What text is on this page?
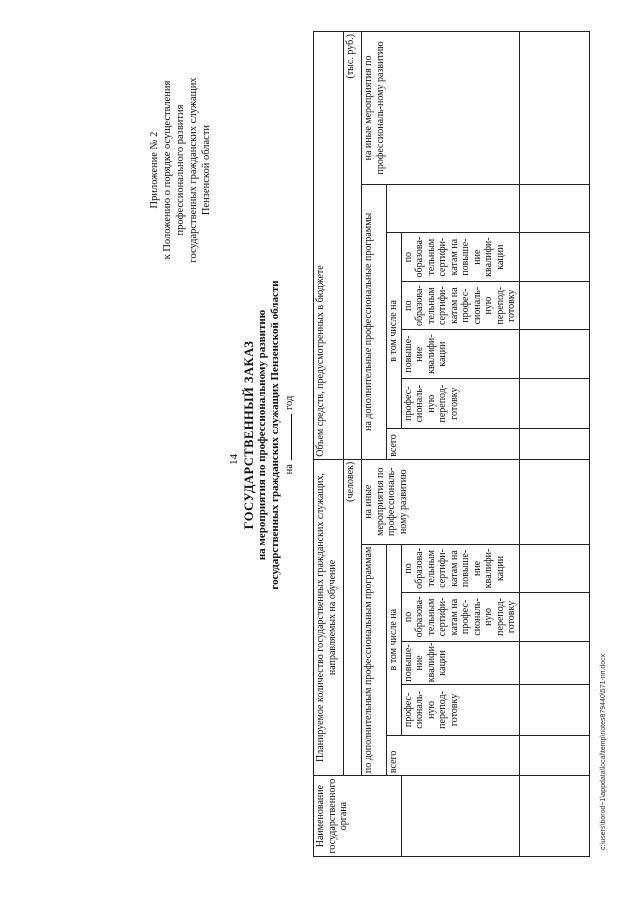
14
Приложение № 2 к Положению о порядке осуществления профессионального развития государственных гражданских служащих Пензенской области
ГОСУДАРСТВЕННЫЙ ЗАКАЗ на мероприятия по профессиональному развитию государственных гражданских служащих Пензенской области нагод
Наименование государственного органа	Планируемое количество государственных гражданских служащих, направляемых на обучение						Объем средств, предусмотренных в бюджете						

	(человек)						(тыс. руб.)						
	по дополнительным профессиональным программам					на иные мероприятия по профессиональ-ному развитию	на дополнительные профессиональные программы						на иные мероприятия по профессиональ-ному развитию
	всего	в том числе на					всего	в том числе на					
		профес-сиональ-ную перепод-готовку	повыше-ние квалифи-кации	по образова-тельным сертифи-катам на профес-сиональ-ную перепод-готовку	по образова-тельным сертифи-катам на повыше-ние квалифи-кации			профес-сиональ-ную перепод-готовку	повыше-ние квалифи-кации	по образова-тельным сертифи-катам на профес-сиональ-ную перепод-готовку	по образова-тельным сертифи-катам на повыше-ние квалифи-кации		

c:\users\borod~1\appdata\local\temp\notes879440\571-пп.docx
